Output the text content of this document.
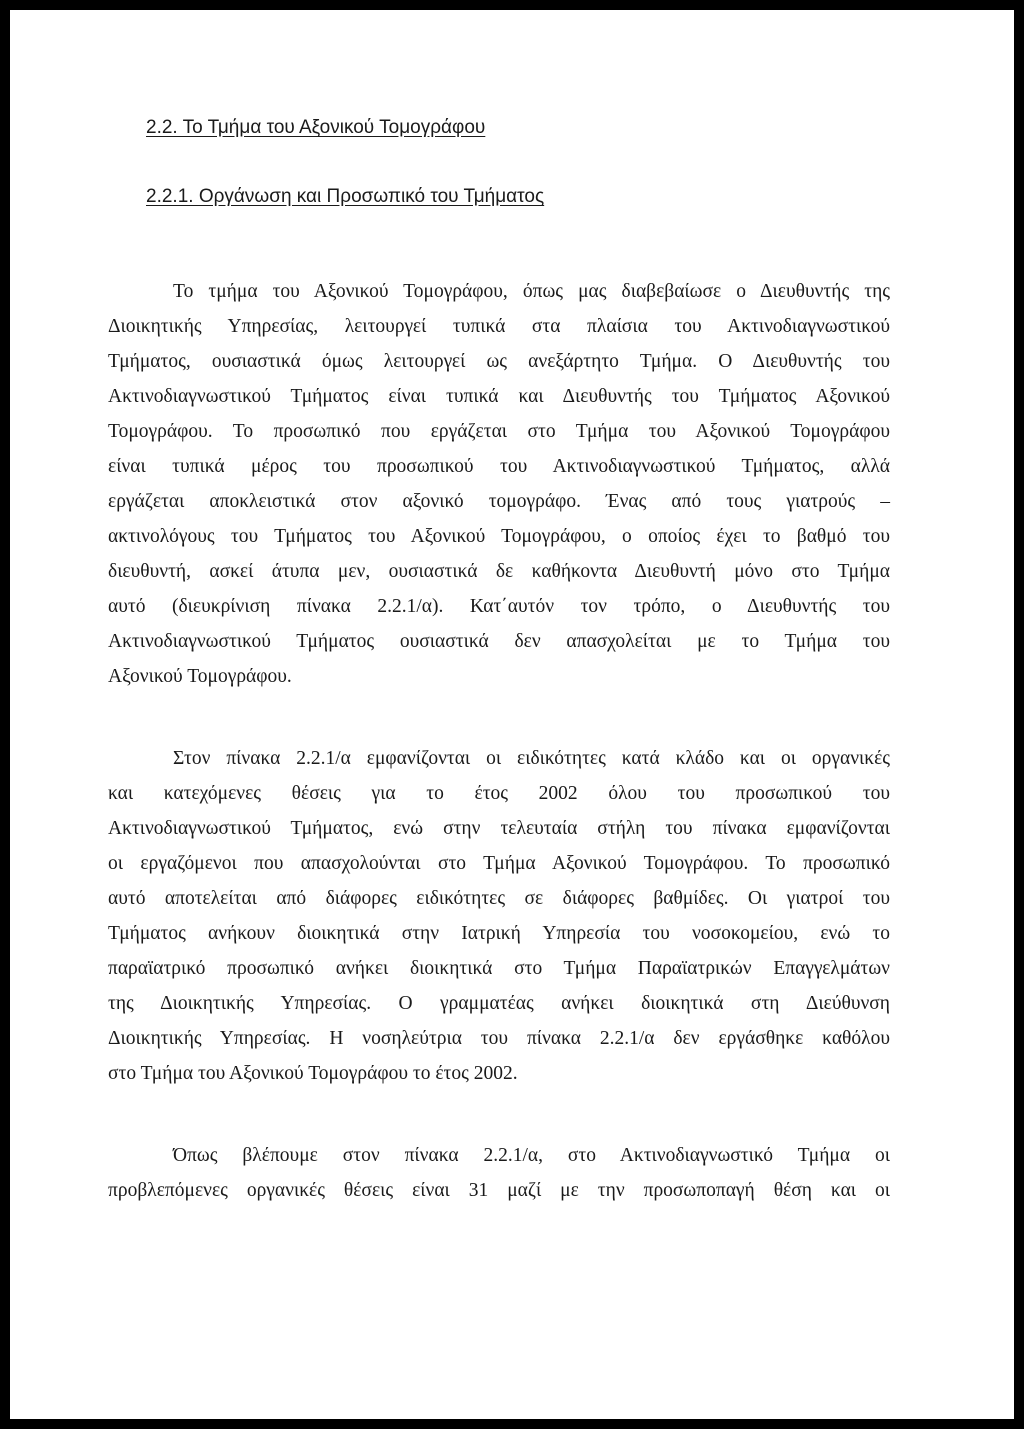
2.2. Το Τμήμα του Αξονικού Τομογράφου
2.2.1. Οργάνωση και Προσωπικό του Τμήματος
Το τμήμα του Αξονικού Τομογράφου, όπως μας διαβεβαίωσε ο Διευθυντής της
Διοικητικής Υπηρεσίας, λειτουργεί τυπικά στα πλαίσια του Ακτινοδιαγνωστικού
Τμήματος, ουσιαστικά όμως λειτουργεί ως ανεξάρτητο Τμήμα. Ο Διευθυντής του
Ακτινοδιαγνωστικού Τμήματος είναι τυπικά και Διευθυντής του Τμήματος Αξονικού
Τομογράφου. Το προσωπικό που εργάζεται στο Τμήμα του Αξονικού Τομογράφου
είναι τυπικά μέρος του προσωπικού του Ακτινοδιαγνωστικού Τμήματος, αλλά
εργάζεται αποκλειστικά στον αξονικό τομογράφο. Ένας από τους γιατρούς –
ακτινολόγους του Τμήματος του Αξονικού Τομογράφου, ο οποίος έχει το βαθμό του
διευθυντή, ασκεί άτυπα μεν, ουσιαστικά δε καθήκοντα Διευθυντή μόνο στο Τμήμα
αυτό (διευκρίνιση πίνακα 2.2.1/α). Κατ΄αυτόν τον τρόπο, ο Διευθυντής του
Ακτινοδιαγνωστικού Τμήματος ουσιαστικά δεν απασχολείται με το Τμήμα του
Αξονικού Τομογράφου.
Στον πίνακα 2.2.1/α εμφανίζονται οι ειδικότητες κατά κλάδο και οι οργανικές
και κατεχόμενες θέσεις για το έτος 2002 όλου του προσωπικού του
Ακτινοδιαγνωστικού Τμήματος, ενώ στην τελευταία στήλη του πίνακα εμφανίζονται
οι εργαζόμενοι που απασχολούνται στο Τμήμα Αξονικού Τομογράφου. Το προσωπικό
αυτό αποτελείται από διάφορες ειδικότητες σε διάφορες βαθμίδες. Οι γιατροί του
Τμήματος ανήκουν διοικητικά στην Ιατρική Υπηρεσία του νοσοκομείου, ενώ το
παραϊατρικό προσωπικό ανήκει διοικητικά στο Τμήμα Παραϊατρικών Επαγγελμάτων
της Διοικητικής Υπηρεσίας. Ο γραμματέας ανήκει διοικητικά στη Διεύθυνση
Διοικητικής Υπηρεσίας. Η νοσηλεύτρια του πίνακα 2.2.1/α δεν εργάσθηκε καθόλου
στο Τμήμα του Αξονικού Τομογράφου το έτος 2002.
Όπως βλέπουμε στον πίνακα 2.2.1/α, στο Ακτινοδιαγνωστικό Τμήμα οι
προβλεπόμενες οργανικές θέσεις είναι 31 μαζί με την προσωποπαγή θέση και οι
